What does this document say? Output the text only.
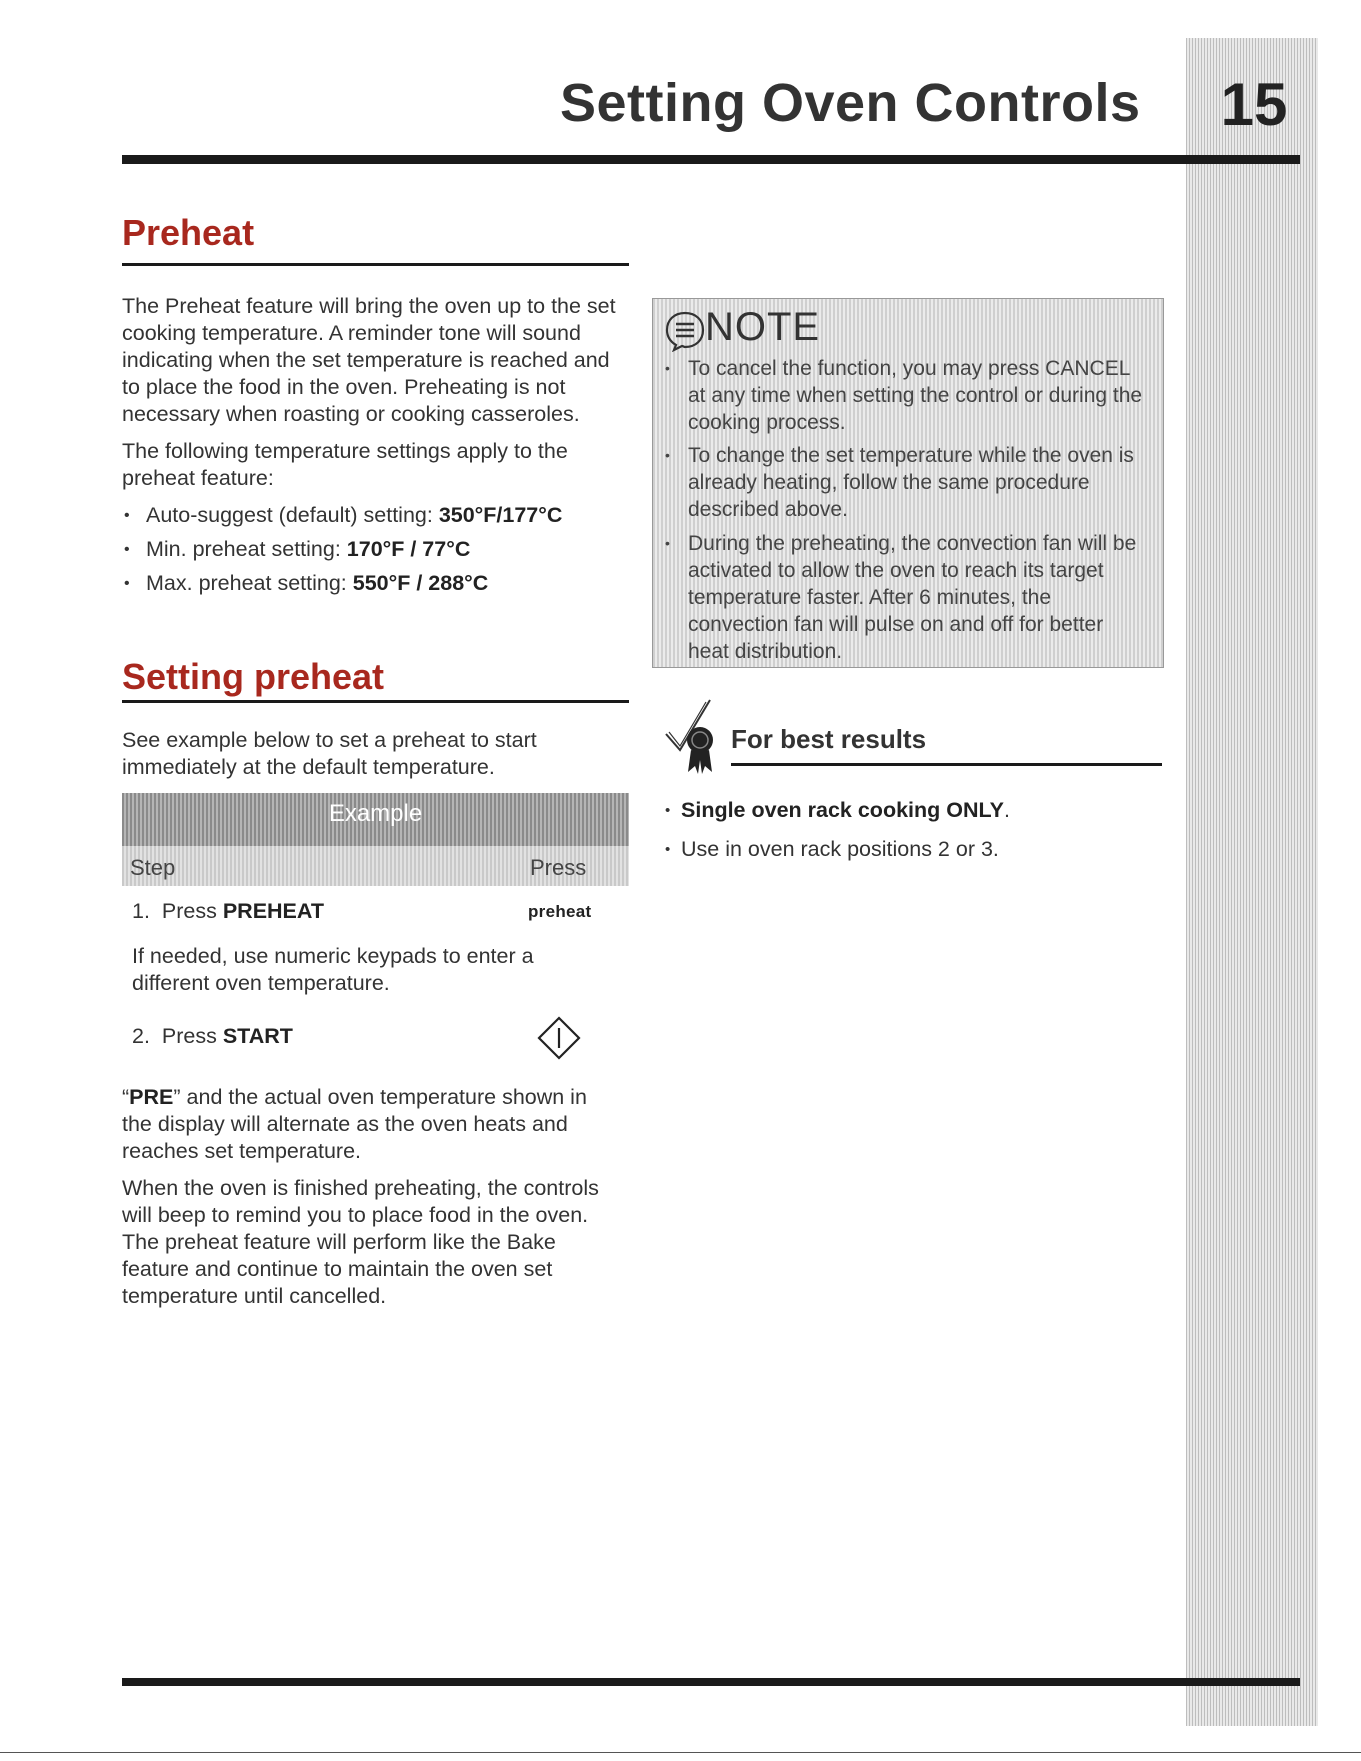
Setting Oven Controls	15
Preheat

The Preheat feature will bring the oven up to the set cooking temperature. A reminder tone will sound indicating when the set temperature is reached and to place the food in the oven. Preheating is not necessary when roasting or cooking casseroles.

The following temperature settings apply to the preheat feature:

• Auto-suggest (default) setting: 350°F/177°C
• Min. preheat setting: 170°F / 77°C
• Max. preheat setting: 550°F / 288°C
Setting preheat
See example below to set a preheat to start immediately at the default temperature.
Example
Step	Press
1. Press PREHEAT	preheat
If needed, use numeric keypads to enter a different oven temperature.
2. Press START

“PRE” and the actual oven temperature shown in the display will alternate as the oven heats and reaches set temperature.

When the oven is finished preheating, the controls will beep to remind you to place food in the oven. The preheat feature will perform like the Bake feature and continue to maintain the oven set temperature until cancelled.

NOTE
• To cancel the function, you may press CANCEL at any time when setting the control or during the cooking process.
• To change the set temperature while the oven is already heating, follow the same procedure described above.
• During the preheating, the convection fan will be activated to allow the oven to reach its target temperature faster. After 6 minutes, the convection fan will pulse on and off for better heat distribution.
For best results
• Single oven rack cooking ONLY.
• Use in oven rack positions 2 or 3.
